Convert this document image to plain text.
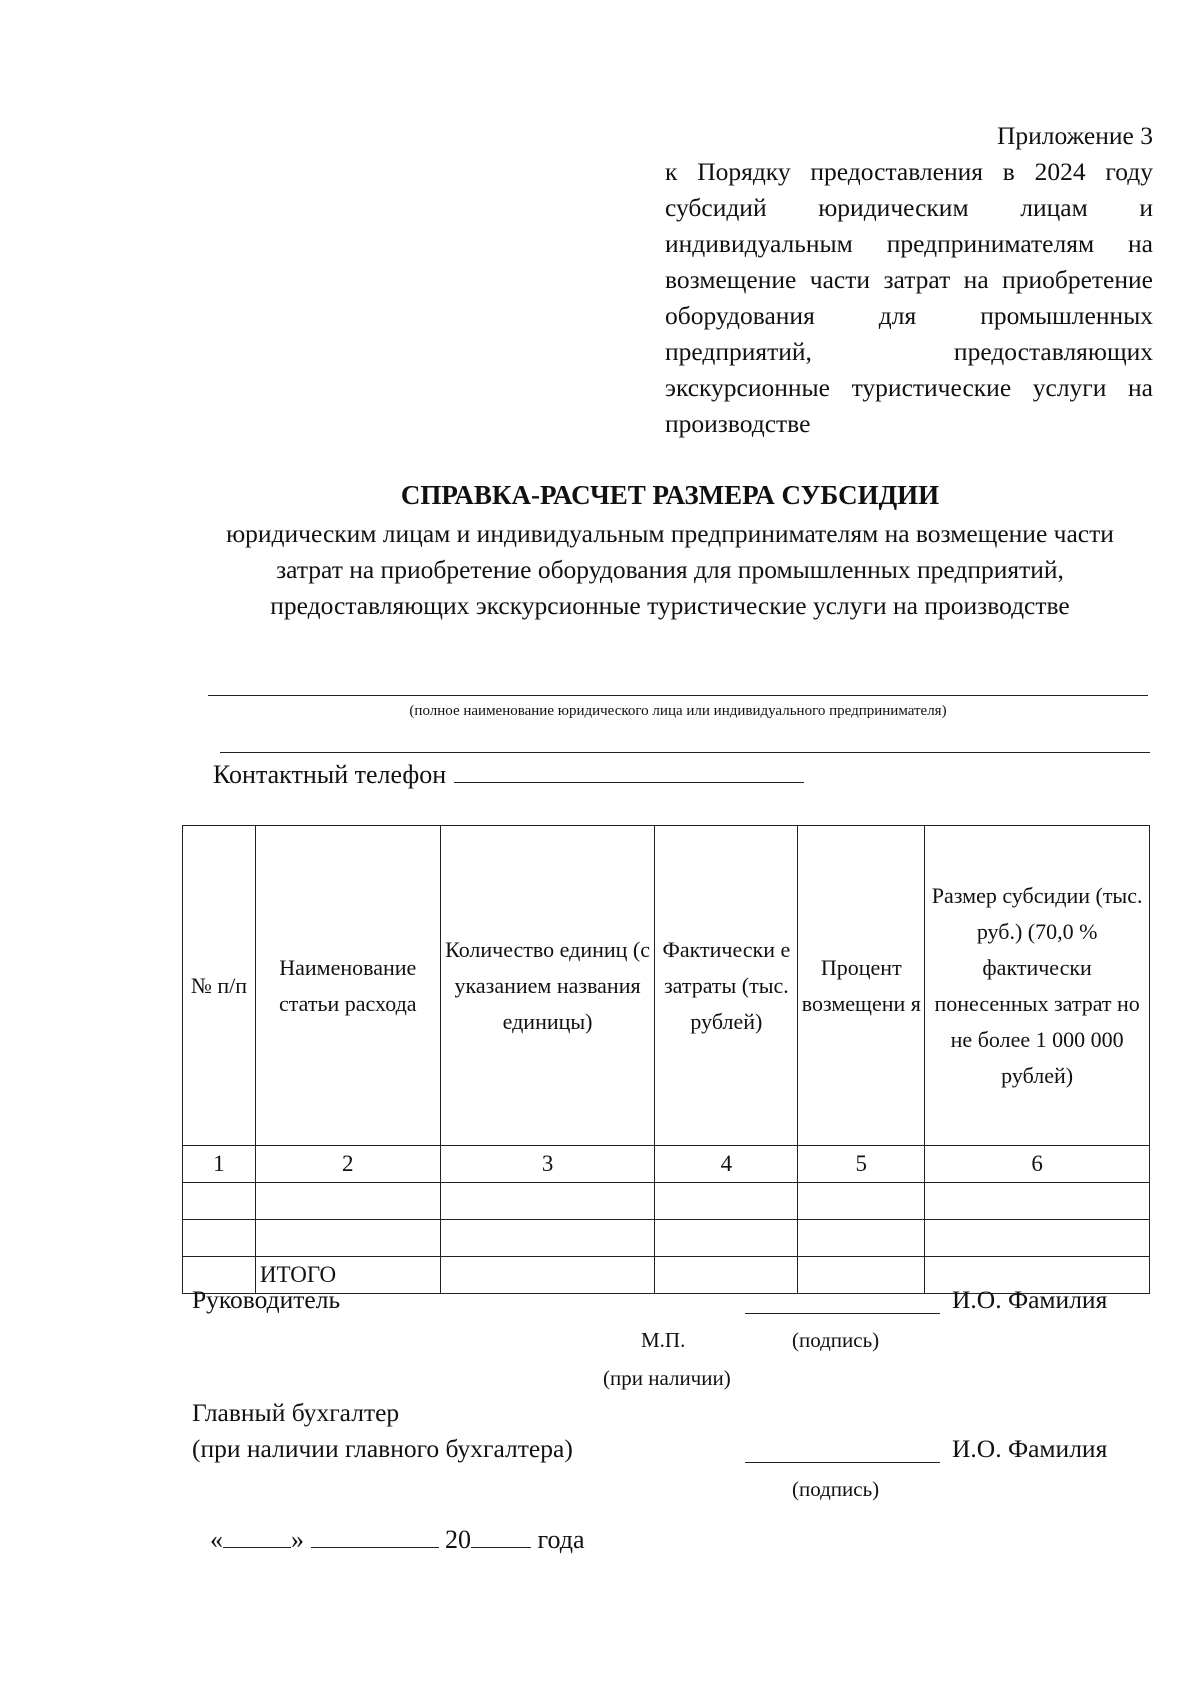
Приложение 3
к Порядку предоставления в 2024 году субсидий юридическим лицам и индивидуальным предпринимателям на возмещение части затрат на приобретение оборудования для промышленных предприятий, предоставляющих экскурсионные туристические услуги на производстве
СПРАВКА-РАСЧЕТ РАЗМЕРА СУБСИДИИ
юридическим лицам и индивидуальным предпринимателям на возмещение части затрат на приобретение оборудования для промышленных предприятий, предоставляющих экскурсионные туристические услуги на производстве
(полное наименование юридического лица или индивидуального предпринимателя)
Контактный телефон
№ п/п	Наименование статьи расхода	Количество единиц (с указанием названия единицы)	Фактически е затраты (тыс. рублей)	Процент возмещени я	Размер субсидии (тыс. руб.) (70,0 % фактически понесенных затрат но не более 1 000 000 рублей)
1	2	3	4	5	6

	ИТОГО				
Руководитель	И.О. Фамилия
М.П.	(подпись)
(при наличии)
Главный бухгалтер
(при наличии главного бухгалтера)	И.О. Фамилия
(подпись)
«	»	20	года
